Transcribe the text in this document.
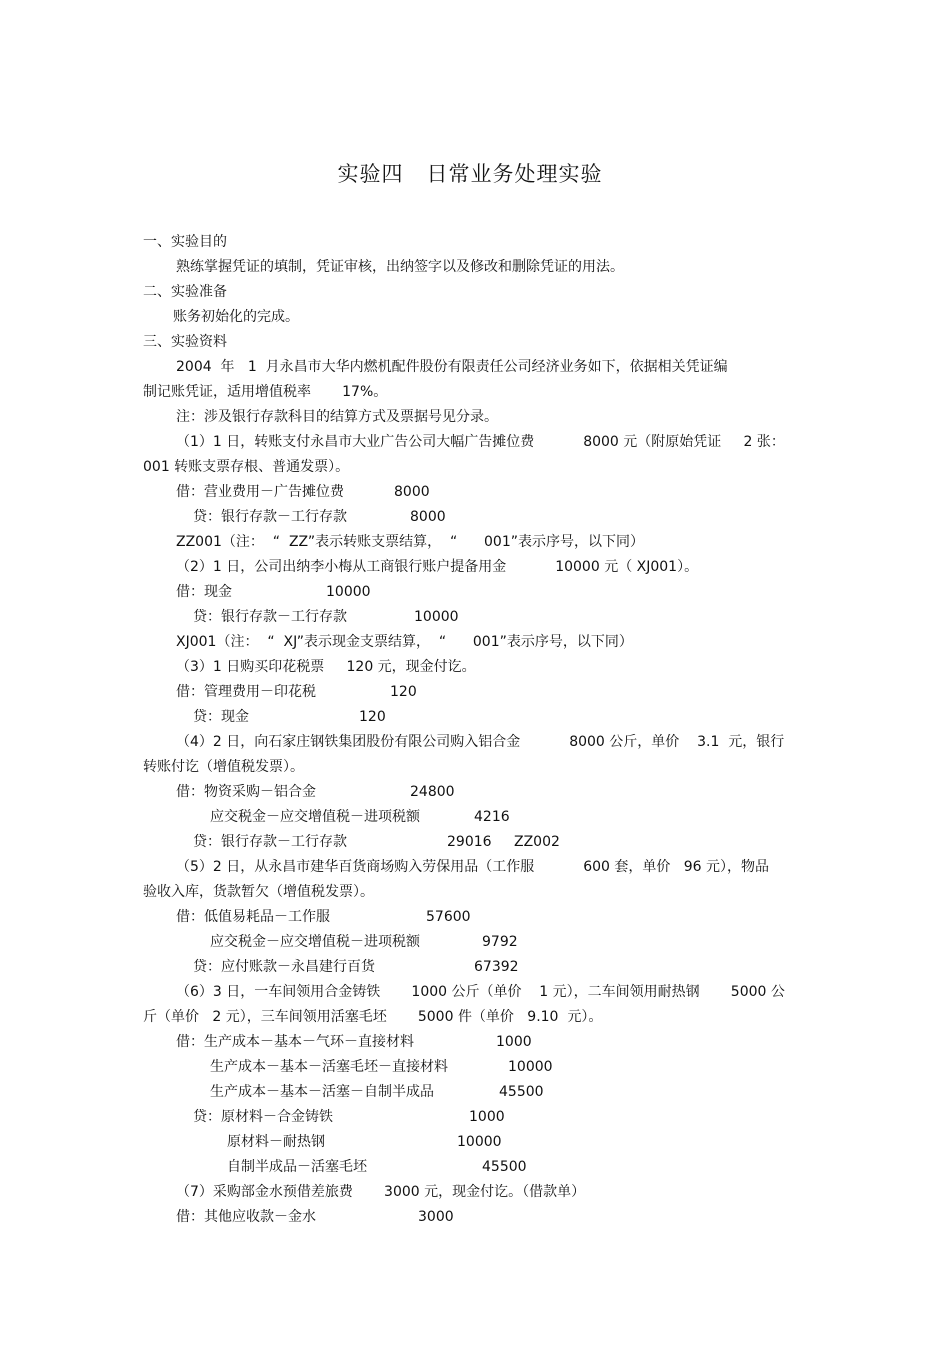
实验四   日常业务处理实验
一、实验目的
熟练掌握凭证的填制，凭证审核，出纳签字以及修改和删除凭证的用法。
二、实验准备
账务初始化的完成。
三、实验资料
2004  年   1  月永昌市大华内燃机配件股份有限责任公司经济业务如下，依据相关凭证编
制记账凭证，适用增值税率       17%。
注：涉及银行存款科目的结算方式及票据号见分录。
（1）1 日，转账支付永昌市大业广告公司大幅广告摊位费           8000 元（附原始凭证     2 张：
001 转账支票存根、普通发票）。
借：营业费用－广告摊位费	8000
贷：银行存款－工行存款	8000
ZZ001（注：  “  ZZ”表示转账支票结算，  “      001”表示序号，以下同）
（2）1 日，公司出纳李小梅从工商银行账户提备用金           10000 元（ XJ001）。
借：现金	10000
贷：银行存款－工行存款	10000
XJ001（注：  “  XJ”表示现金支票结算，  “      001”表示序号，以下同）
（3）1 日购买印花税票     120 元，现金付讫。
借：管理费用－印花税	120
贷：现金	120
（4）2 日，向石家庄钢铁集团股份有限公司购入铝合金           8000 公斤，单价    3.1  元，银行
转账付讫（增值税发票）。
借：物资采购－铝合金	24800
应交税金－应交增值税－进项税额	4216
贷：银行存款－工行存款	29016 ZZ002
（5）2 日，从永昌市建华百货商场购入劳保用品（工作服           600 套，单价   96 元），物品
验收入库，货款暂欠（增值税发票）。
借：低值易耗品－工作服	57600
应交税金－应交增值税－进项税额	9792
贷：应付账款－永昌建行百货	67392
（6）3 日，一车间领用合金铸铁       1000 公斤（单价    1 元），二车间领用耐热钢       5000 公
斤（单价   2 元），三车间领用活塞毛坯       5000 件（单价   9.10  元）。
借：生产成本－基本－气环－直接材料	1000
生产成本－基本－活塞毛坯－直接材料	10000
生产成本－基本－活塞－自制半成品	45500
贷：原材料－合金铸铁	1000
原材料－耐热钢	10000
自制半成品－活塞毛坯	45500
（7）采购部金水预借差旅费       3000 元，现金付讫。（借款单）
借：其他应收款－金水	3000
